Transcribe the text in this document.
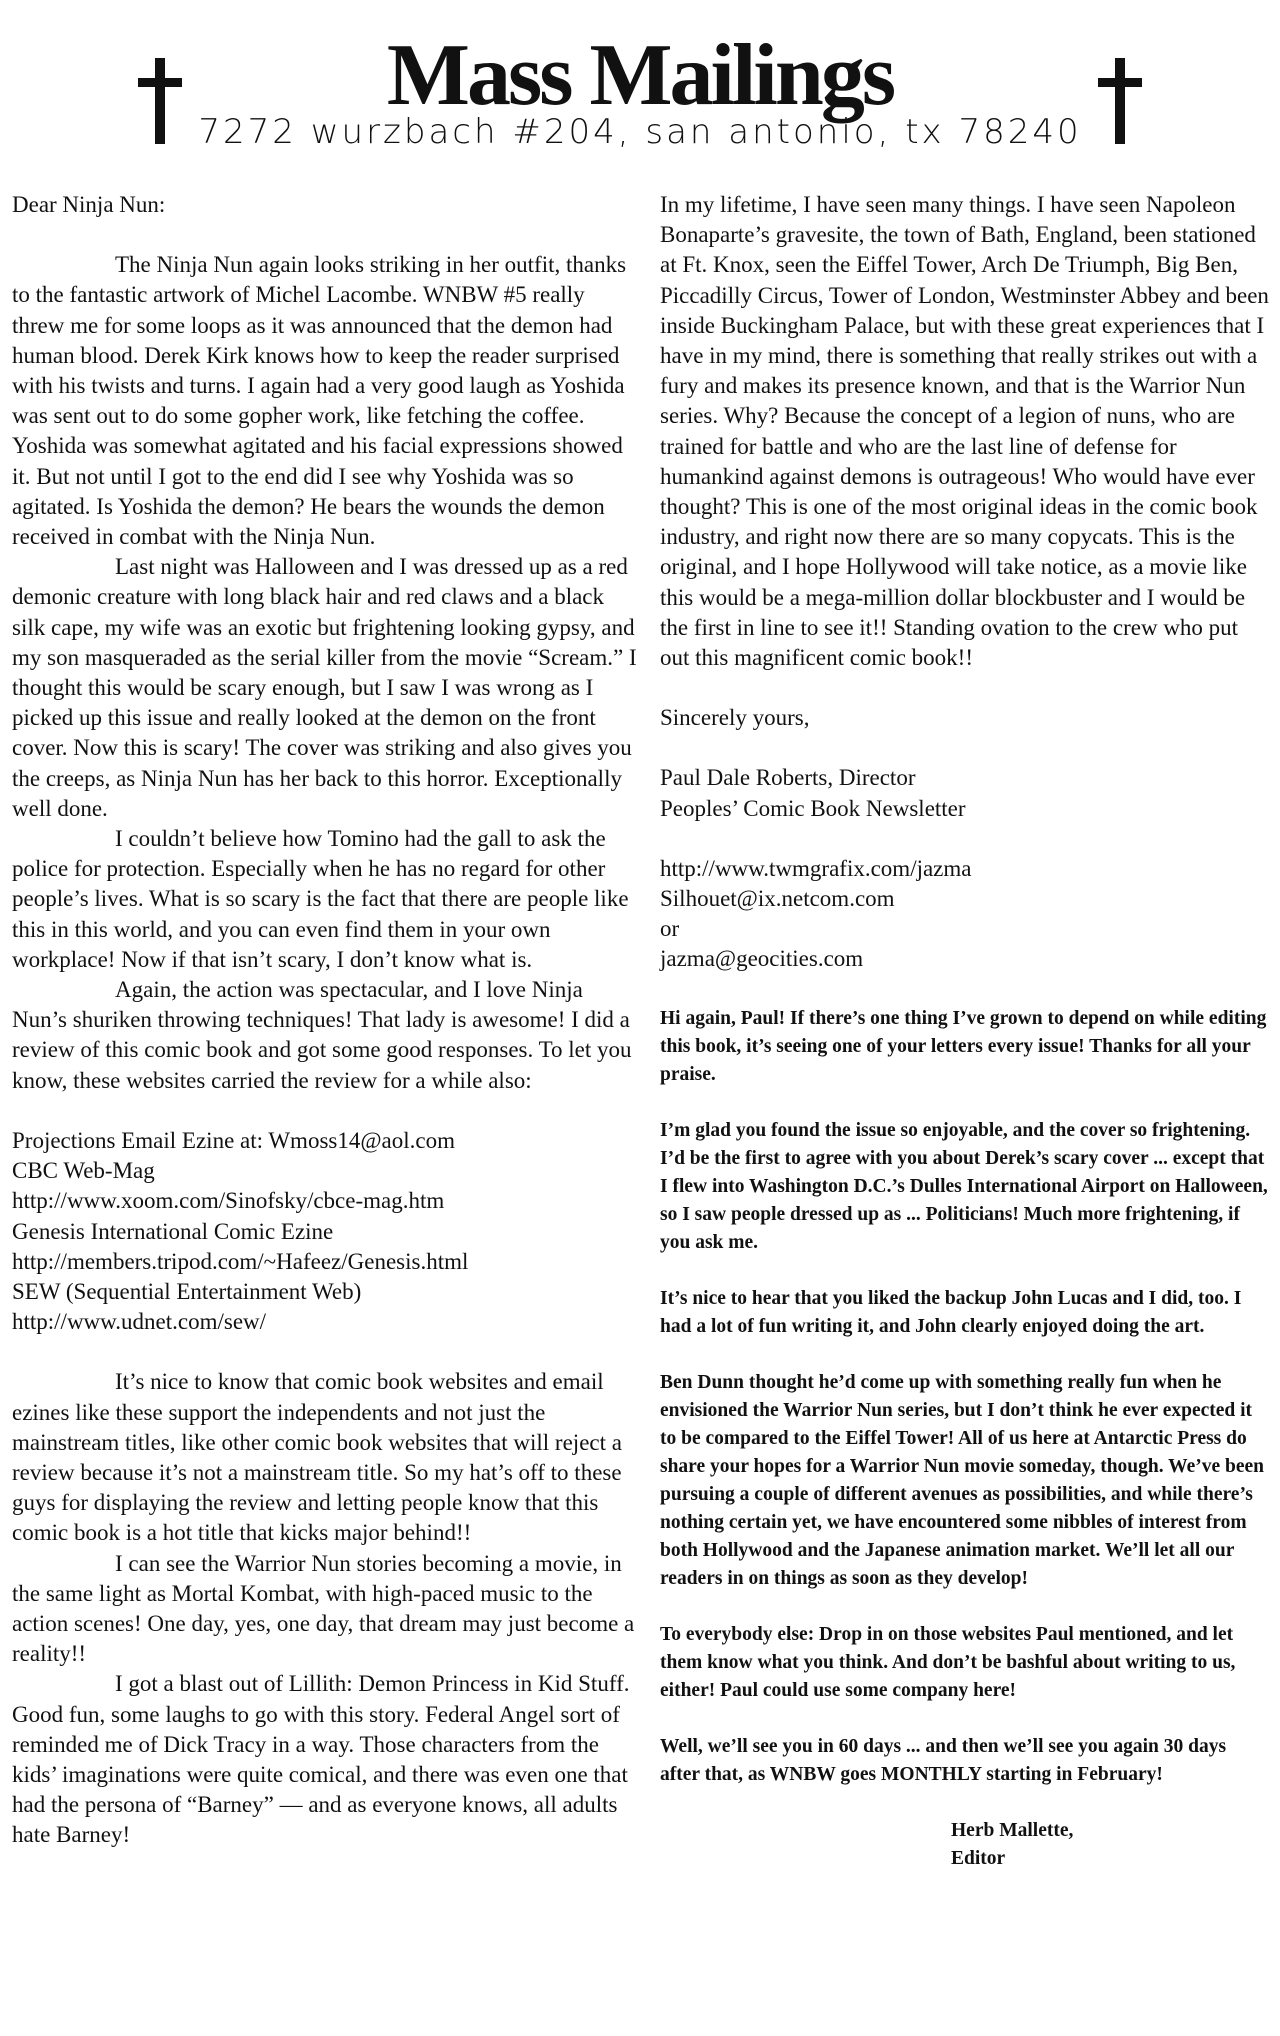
Mass Mailings
7272 wurzbach #204, san antonio, tx 78240

Dear Ninja Nun:

The Ninja Nun again looks striking in her outfit, thanks to the fantastic artwork of Michel Lacombe. WNBW #5 really threw me for some loops as it was announced that the demon had human blood. Derek Kirk knows how to keep the reader surprised with his twists and turns. I again had a very good laugh as Yoshida was sent out to do some gopher work, like fetching the coffee. Yoshida was somewhat agitated and his facial expressions showed it. But not until I got to the end did I see why Yoshida was so agitated. Is Yoshida the demon? He bears the wounds the demon received in combat with the Ninja Nun.

Last night was Halloween and I was dressed up as a red demonic creature with long black hair and red claws and a black silk cape, my wife was an exotic but frightening looking gypsy, and my son masqueraded as the serial killer from the movie “Scream.” I thought this would be scary enough, but I saw I was wrong as I picked up this issue and really looked at the demon on the front cover. Now this is scary! The cover was striking and also gives you the creeps, as Ninja Nun has her back to this horror. Exceptionally well done.

I couldn’t believe how Tomino had the gall to ask the police for protection. Especially when he has no regard for other people’s lives. What is so scary is the fact that there are people like this in this world, and you can even find them in your own workplace! Now if that isn’t scary, I don’t know what is.

Again, the action was spectacular, and I love Ninja Nun’s shuriken throwing techniques! That lady is awesome! I did a review of this comic book and got some good responses. To let you know, these websites carried the review for a while also:

Projections Email Ezine at: Wmoss14@aol.com

CBC Web-Mag

http://www.xoom.com/Sinofsky/cbce-mag.htm

Genesis International Comic Ezine

http://members.tripod.com/~Hafeez/Genesis.html

SEW (Sequential Entertainment Web)

http://www.udnet.com/sew/

It’s nice to know that comic book websites and email ezines like these support the independents and not just the mainstream titles, like other comic book websites that will reject a review because it’s not a mainstream title. So my hat’s off to these guys for displaying the review and letting people know that this comic book is a hot title that kicks major behind!!

I can see the Warrior Nun stories becoming a movie, in the same light as Mortal Kombat, with high-paced music to the action scenes! One day, yes, one day, that dream may just become a reality!!

I got a blast out of Lillith: Demon Princess in Kid Stuff. Good fun, some laughs to go with this story. Federal Angel sort of reminded me of Dick Tracy in a way. Those characters from the kids’ imaginations were quite comical, and there was even one that had the persona of “Barney” — and as everyone knows, all adults hate Barney!

In my lifetime, I have seen many things. I have seen Napoleon Bonaparte’s gravesite, the town of Bath, England, been stationed at Ft. Knox, seen the Eiffel Tower, Arch De Triumph, Big Ben, Piccadilly Circus, Tower of London, Westminster Abbey and been inside Buckingham Palace, but with these great experiences that I have in my mind, there is something that really strikes out with a fury and makes its presence known, and that is the Warrior Nun series. Why? Because the concept of a legion of nuns, who are trained for battle and who are the last line of defense for humankind against demons is outrageous! Who would have ever thought? This is one of the most original ideas in the comic book industry, and right now there are so many copycats. This is the original, and I hope Hollywood will take notice, as a movie like this would be a mega-million dollar blockbuster and I would be the first in line to see it!! Standing ovation to the crew who put out this magnificent comic book!!

Sincerely yours,

Paul Dale Roberts, Director

Peoples’ Comic Book Newsletter

http://www.twmgrafix.com/jazma

Silhouet@ix.netcom.com

or

jazma@geocities.com

Hi again, Paul! If there’s one thing I’ve grown to depend on while editing this book, it’s seeing one of your letters every issue! Thanks for all your praise.

I’m glad you found the issue so enjoyable, and the cover so frightening. I’d be the first to agree with you about Derek’s scary cover ... except that I flew into Washington D.C.’s Dulles International Airport on Halloween, so I saw people dressed up as ... Politicians! Much more frightening, if you ask me.

It’s nice to hear that you liked the backup John Lucas and I did, too. I had a lot of fun writing it, and John clearly enjoyed doing the art.

Ben Dunn thought he’d come up with something really fun when he envisioned the Warrior Nun series, but I don’t think he ever expected it to be compared to the Eiffel Tower! All of us here at Antarctic Press do share your hopes for a Warrior Nun movie someday, though. We’ve been pursuing a couple of different avenues as possibilities, and while there’s nothing certain yet, we have encountered some nibbles of interest from both Hollywood and the Japanese animation market. We’ll let all our readers in on things as soon as they develop!

To everybody else: Drop in on those websites Paul mentioned, and let them know what you think. And don’t be bashful about writing to us, either! Paul could use some company here!

Well, we’ll see you in 60 days ... and then we’ll see you again 30 days after that, as WNBW goes MONTHLY starting in February!

Herb Mallette,

Editor
